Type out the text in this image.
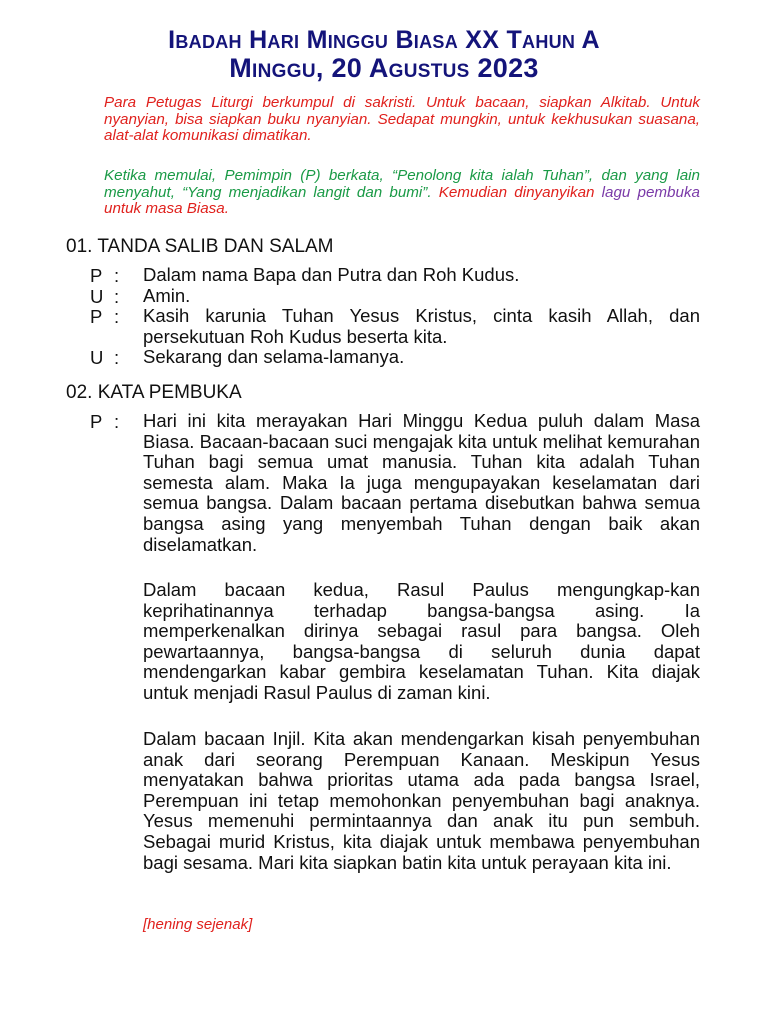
Ibadah Hari Minggu Biasa XX Tahun A
Minggu, 20 Agustus 2023
Para Petugas Liturgi berkumpul di sakristi. Untuk bacaan, siapkan Alkitab. Untuk nyanyian, bisa siapkan buku nyanyian. Sedapat mungkin, untuk kekhusukan suasana, alat-alat komunikasi dimatikan.
Ketika memulai, Pemimpin (P) berkata, “Penolong kita ialah Tuhan”, dan yang lain menyahut, “Yang menjadikan langit dan bumi”. Kemudian dinyanyikan lagu pembuka untuk masa Biasa.
01. TANDA SALIB DAN SALAM
P : Dalam nama Bapa dan Putra dan Roh Kudus.
U : Amin.
P : Kasih karunia Tuhan Yesus Kristus, cinta kasih Allah, dan persekutuan Roh Kudus beserta kita.
U : Sekarang dan selama-lamanya.
02. KATA PEMBUKA
P : Hari ini kita merayakan Hari Minggu Kedua puluh dalam Masa Biasa. Bacaan-bacaan suci mengajak kita untuk melihat kemurahan Tuhan bagi semua umat manusia. Tuhan kita adalah Tuhan semesta alam. Maka Ia juga mengupayakan keselamatan dari semua bangsa. Dalam bacaan pertama disebutkan bahwa semua bangsa asing yang menyembah Tuhan dengan baik akan diselamatkan.
Dalam bacaan kedua, Rasul Paulus mengungkap-kan keprihatinannya terhadap bangsa-bangsa asing. Ia memperkenalkan dirinya sebagai rasul para bangsa. Oleh pewartaannya, bangsa-bangsa di seluruh dunia dapat mendengarkan kabar gembira keselamatan Tuhan. Kita diajak untuk menjadi Rasul Paulus di zaman kini.
Dalam bacaan Injil. Kita akan mendengarkan kisah penyembuhan anak dari seorang Perempuan Kanaan. Meskipun Yesus menyatakan bahwa prioritas utama ada pada bangsa Israel, Perempuan ini tetap memohonkan penyembuhan bagi anaknya. Yesus memenuhi permintaannya dan anak itu pun sembuh. Sebagai murid Kristus, kita diajak untuk membawa penyembuhan bagi sesama. Mari kita siapkan batin kita untuk perayaan kita ini.
[hening sejenak]
